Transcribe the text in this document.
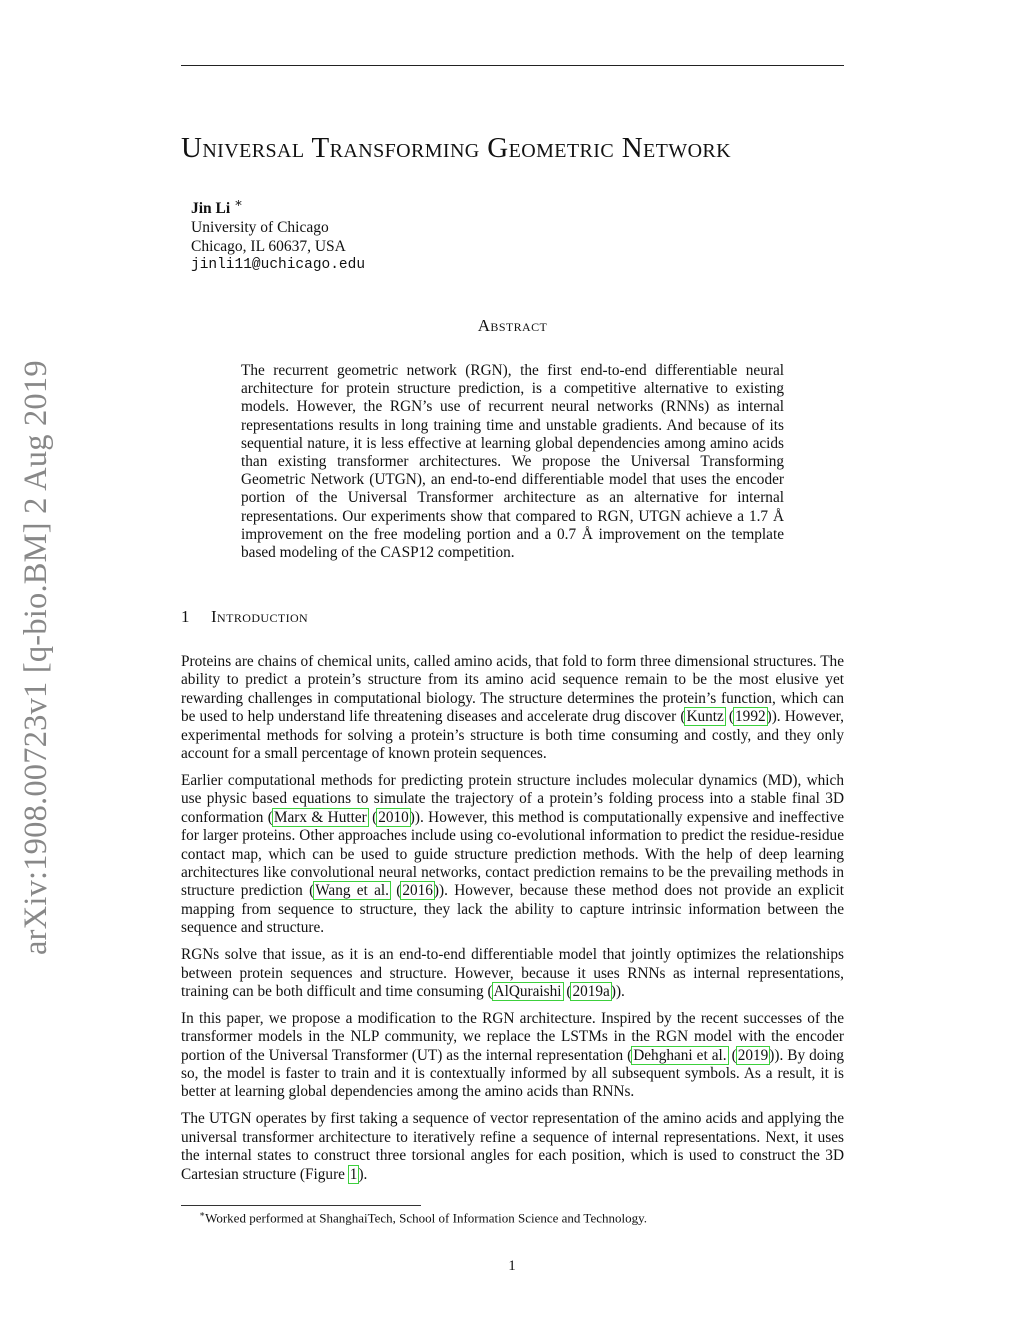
arXiv:1908.00723v1 [q-bio.BM] 2 Aug 2019
Universal Transforming Geometric Network
Jin Li ∗
University of Chicago
Chicago, IL 60637, USA
jinli11@uchicago.edu
Abstract
The recurrent geometric network (RGN), the first end-to-end differentiable neural architecture for protein structure prediction, is a competitive alternative to existing models. However, the RGN’s use of recurrent neural networks (RNNs) as internal representations results in long training time and unstable gradients. And because of its sequential nature, it is less effective at learning global dependencies among amino acids than existing transformer architectures. We propose the Universal Transforming Geometric Network (UTGN), an end-to-end differentiable model that uses the encoder portion of the Universal Transformer architecture as an alternative for internal representations. Our experiments show that compared to RGN, UTGN achieve a 1.7 Å improvement on the free modeling portion and a 0.7 Å improvement on the template based modeling of the CASP12 competition.
1 Introduction

Proteins are chains of chemical units, called amino acids, that fold to form three dimensional structures. The ability to predict a protein’s structure from its amino acid sequence remain to be the most elusive yet rewarding challenges in computational biology. The structure determines the protein’s function, which can be used to help understand life threatening diseases and accelerate drug discover (Kuntz (1992)). However, experimental methods for solving a protein’s structure is both time consuming and costly, and they only account for a small percentage of known protein sequences.

Earlier computational methods for predicting protein structure includes molecular dynamics (MD), which use physic based equations to simulate the trajectory of a protein’s folding process into a stable final 3D conformation (Marx & Hutter (2010)). However, this method is computationally expensive and ineffective for larger proteins. Other approaches include using co-evolutional information to predict the residue-residue contact map, which can be used to guide structure prediction methods. With the help of deep learning architectures like convolutional neural networks, contact prediction remains to be the prevailing methods in structure prediction (Wang et al. (2016)). However, because these method does not provide an explicit mapping from sequence to structure, they lack the ability to capture intrinsic information between the sequence and structure.

RGNs solve that issue, as it is an end-to-end differentiable model that jointly optimizes the relationships between protein sequences and structure. However, because it uses RNNs as internal representations, training can be both difficult and time consuming (AlQuraishi (2019a)).

In this paper, we propose a modification to the RGN architecture. Inspired by the recent successes of the transformer models in the NLP community, we replace the LSTMs in the RGN model with the encoder portion of the Universal Transformer (UT) as the internal representation (Dehghani et al. (2019)). By doing so, the model is faster to train and it is contextually informed by all subsequent symbols. As a result, it is better at learning global dependencies among the amino acids than RNNs.

The UTGN operates by first taking a sequence of vector representation of the amino acids and applying the universal transformer architecture to iteratively refine a sequence of internal representations. Next, it uses the internal states to construct three torsional angles for each position, which is used to construct the 3D Cartesian structure (Figure 1).

∗Worked performed at ShanghaiTech, School of Information Science and Technology.
1
